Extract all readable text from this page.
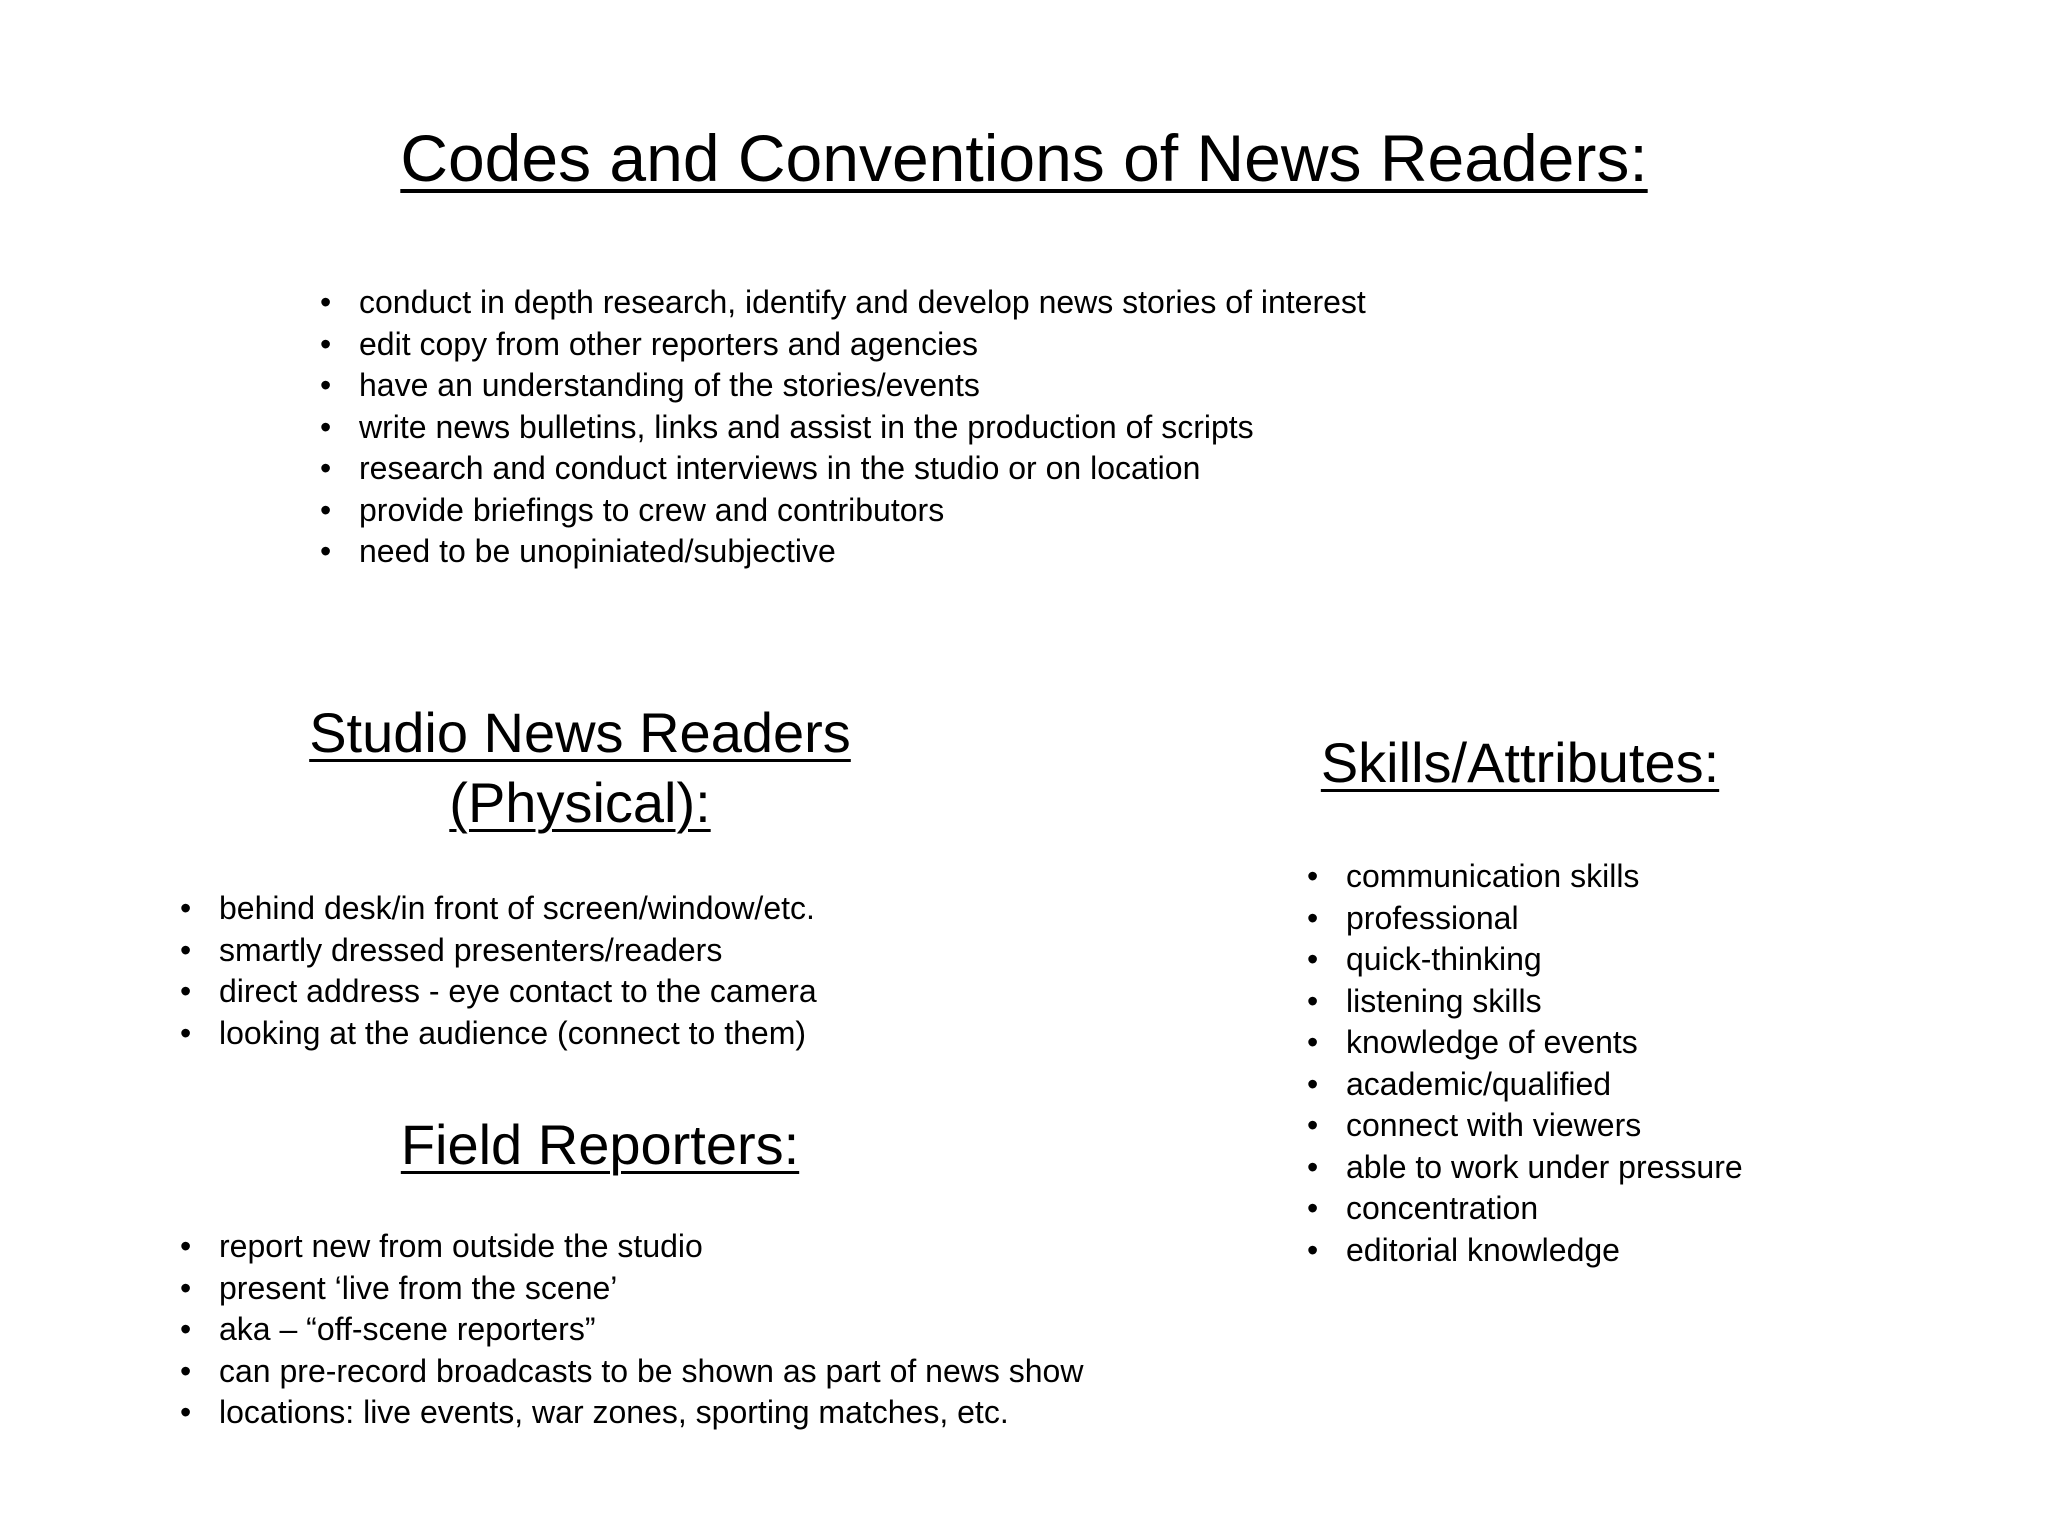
Codes and Conventions of News Readers:
• conduct in depth research, identify and develop news stories of interest
• edit copy from other reporters and agencies
• have an understanding of the stories/events
• write news bulletins, links and assist in the production of scripts
• research and conduct interviews in the studio or on location
• provide briefings to crew and contributors
• need to be unopiniated/subjective
Studio News Readers
(Physical):
• behind desk/in front of screen/window/etc.
• smartly dressed presenters/readers
• direct address - eye contact to the camera
• looking at the audience (connect to them)
Field Reporters:
• report new from outside the studio
• present ‘live from the scene’
• aka – “off-scene reporters”
• can pre-record broadcasts to be shown as part of news show
• locations: live events, war zones, sporting matches, etc.
Skills/Attributes:
• communication skills
• professional
• quick-thinking
• listening skills
• knowledge of events
• academic/qualified
• connect with viewers
• able to work under pressure
• concentration
• editorial knowledge
